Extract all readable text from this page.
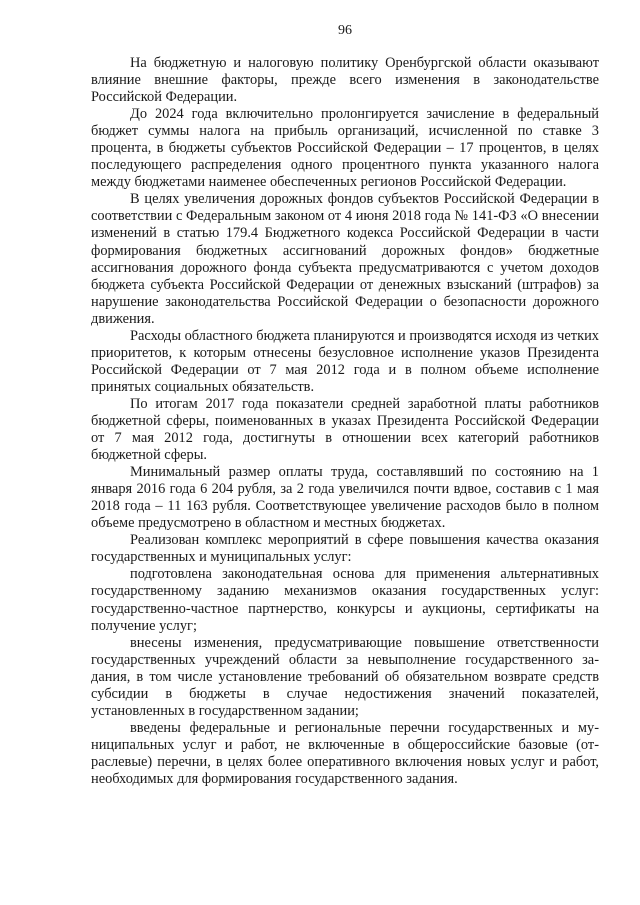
96

На бюджетную и налоговую политику Оренбургской области оказывают влияние внешние факторы, прежде всего изменения в законодательстве Российской Федерации.

До 2024 года включительно пролонгируется зачисление в федеральный бюджет суммы налога на прибыль организаций, исчисленной по ставке 3 процента, в бюджеты субъектов Российской Федерации – 17 процентов, в целях последующего распределения одного процентного пункта указанного налога между бюджетами наименее обеспеченных регионов Российской Федерации.

В целях увеличения дорожных фондов субъектов Российской Федерации в соответствии с Федеральным законом от 4 июня 2018 года № 141-ФЗ «О внесении изменений в статью 179.4 Бюджетного кодекса Российской Федерации в части формирования бюджетных ассигнований дорожных фондов» бюджетные ассигнования дорожного фонда субъекта предусматриваются с учетом доходов бюджета субъекта Российской Федерации от денежных взысканий (штрафов) за нарушение законодательства Российской Федерации о безопасности дорожного движения.

Расходы областного бюджета планируются и производятся исходя из четких приоритетов, к которым отнесены безусловное исполнение указов Президента Российской Федерации от 7 мая 2012 года и в полном объеме исполнение принятых социальных обязательств.

По итогам 2017 года показатели средней заработной платы работников бюджетной сферы, поименованных в указах Президента Российской Федерации от 7 мая 2012 года, достигнуты в отношении всех категорий работников бюджетной сферы.

Минимальный размер оплаты труда, составлявший по состоянию на 1 января 2016 года 6 204 рубля, за 2 года увеличился почти вдвое, составив с 1 мая 2018 года – 11 163 рубля. Соответствующее увеличение расходов было в полном объеме предусмотрено в областном и местных бюджетах.

Реализован комплекс мероприятий в сфере повышения качества оказания государственных и муниципальных услуг:

подготовлена законодательная основа для применения альтернативных государственному заданию механизмов оказания государственных услуг: государственно-частное партнерство, конкурсы и аукционы, сертификаты на получение услуг;

внесены изменения, предусматривающие повышение ответственности государственных учреждений области за невыполнение государственного задания, в том числе установление требований об обязательном возврате средств субсидии в бюджеты в случае недостижения значений показателей, установленных в государственном задании;

введены федеральные и региональные перечни государственных и муниципальных услуг и работ, не включенные в общероссийские базовые (отраслевые) перечни, в целях более оперативного включения новых услуг и работ, необходимых для формирования государственного задания.
